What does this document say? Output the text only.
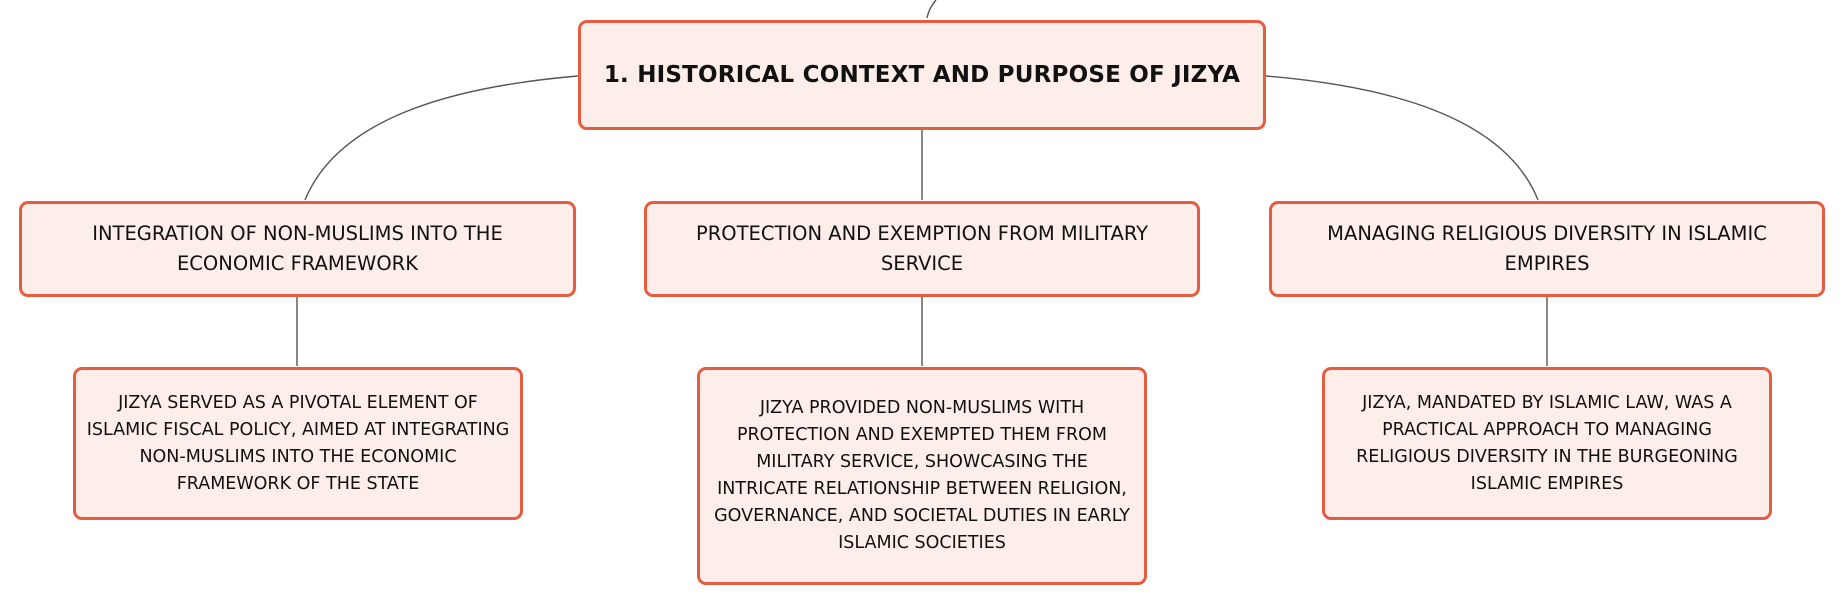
1. HISTORICAL CONTEXT AND PURPOSE OF JIZYA
INTEGRATION OF NON-MUSLIMS INTO THE ECONOMIC FRAMEWORK
PROTECTION AND EXEMPTION FROM MILITARY SERVICE
MANAGING RELIGIOUS DIVERSITY IN ISLAMIC EMPIRES
JIZYA SERVED AS A PIVOTAL ELEMENT OF ISLAMIC FISCAL POLICY, AIMED AT INTEGRATING NON-MUSLIMS INTO THE ECONOMIC FRAMEWORK OF THE STATE
JIZYA PROVIDED NON-MUSLIMS WITH PROTECTION AND EXEMPTED THEM FROM MILITARY SERVICE, SHOWCASING THE INTRICATE RELATIONSHIP BETWEEN RELIGION, GOVERNANCE, AND SOCIETAL DUTIES IN EARLY ISLAMIC SOCIETIES
JIZYA, MANDATED BY ISLAMIC LAW, WAS A PRACTICAL APPROACH TO MANAGING RELIGIOUS DIVERSITY IN THE BURGEONING ISLAMIC EMPIRES
